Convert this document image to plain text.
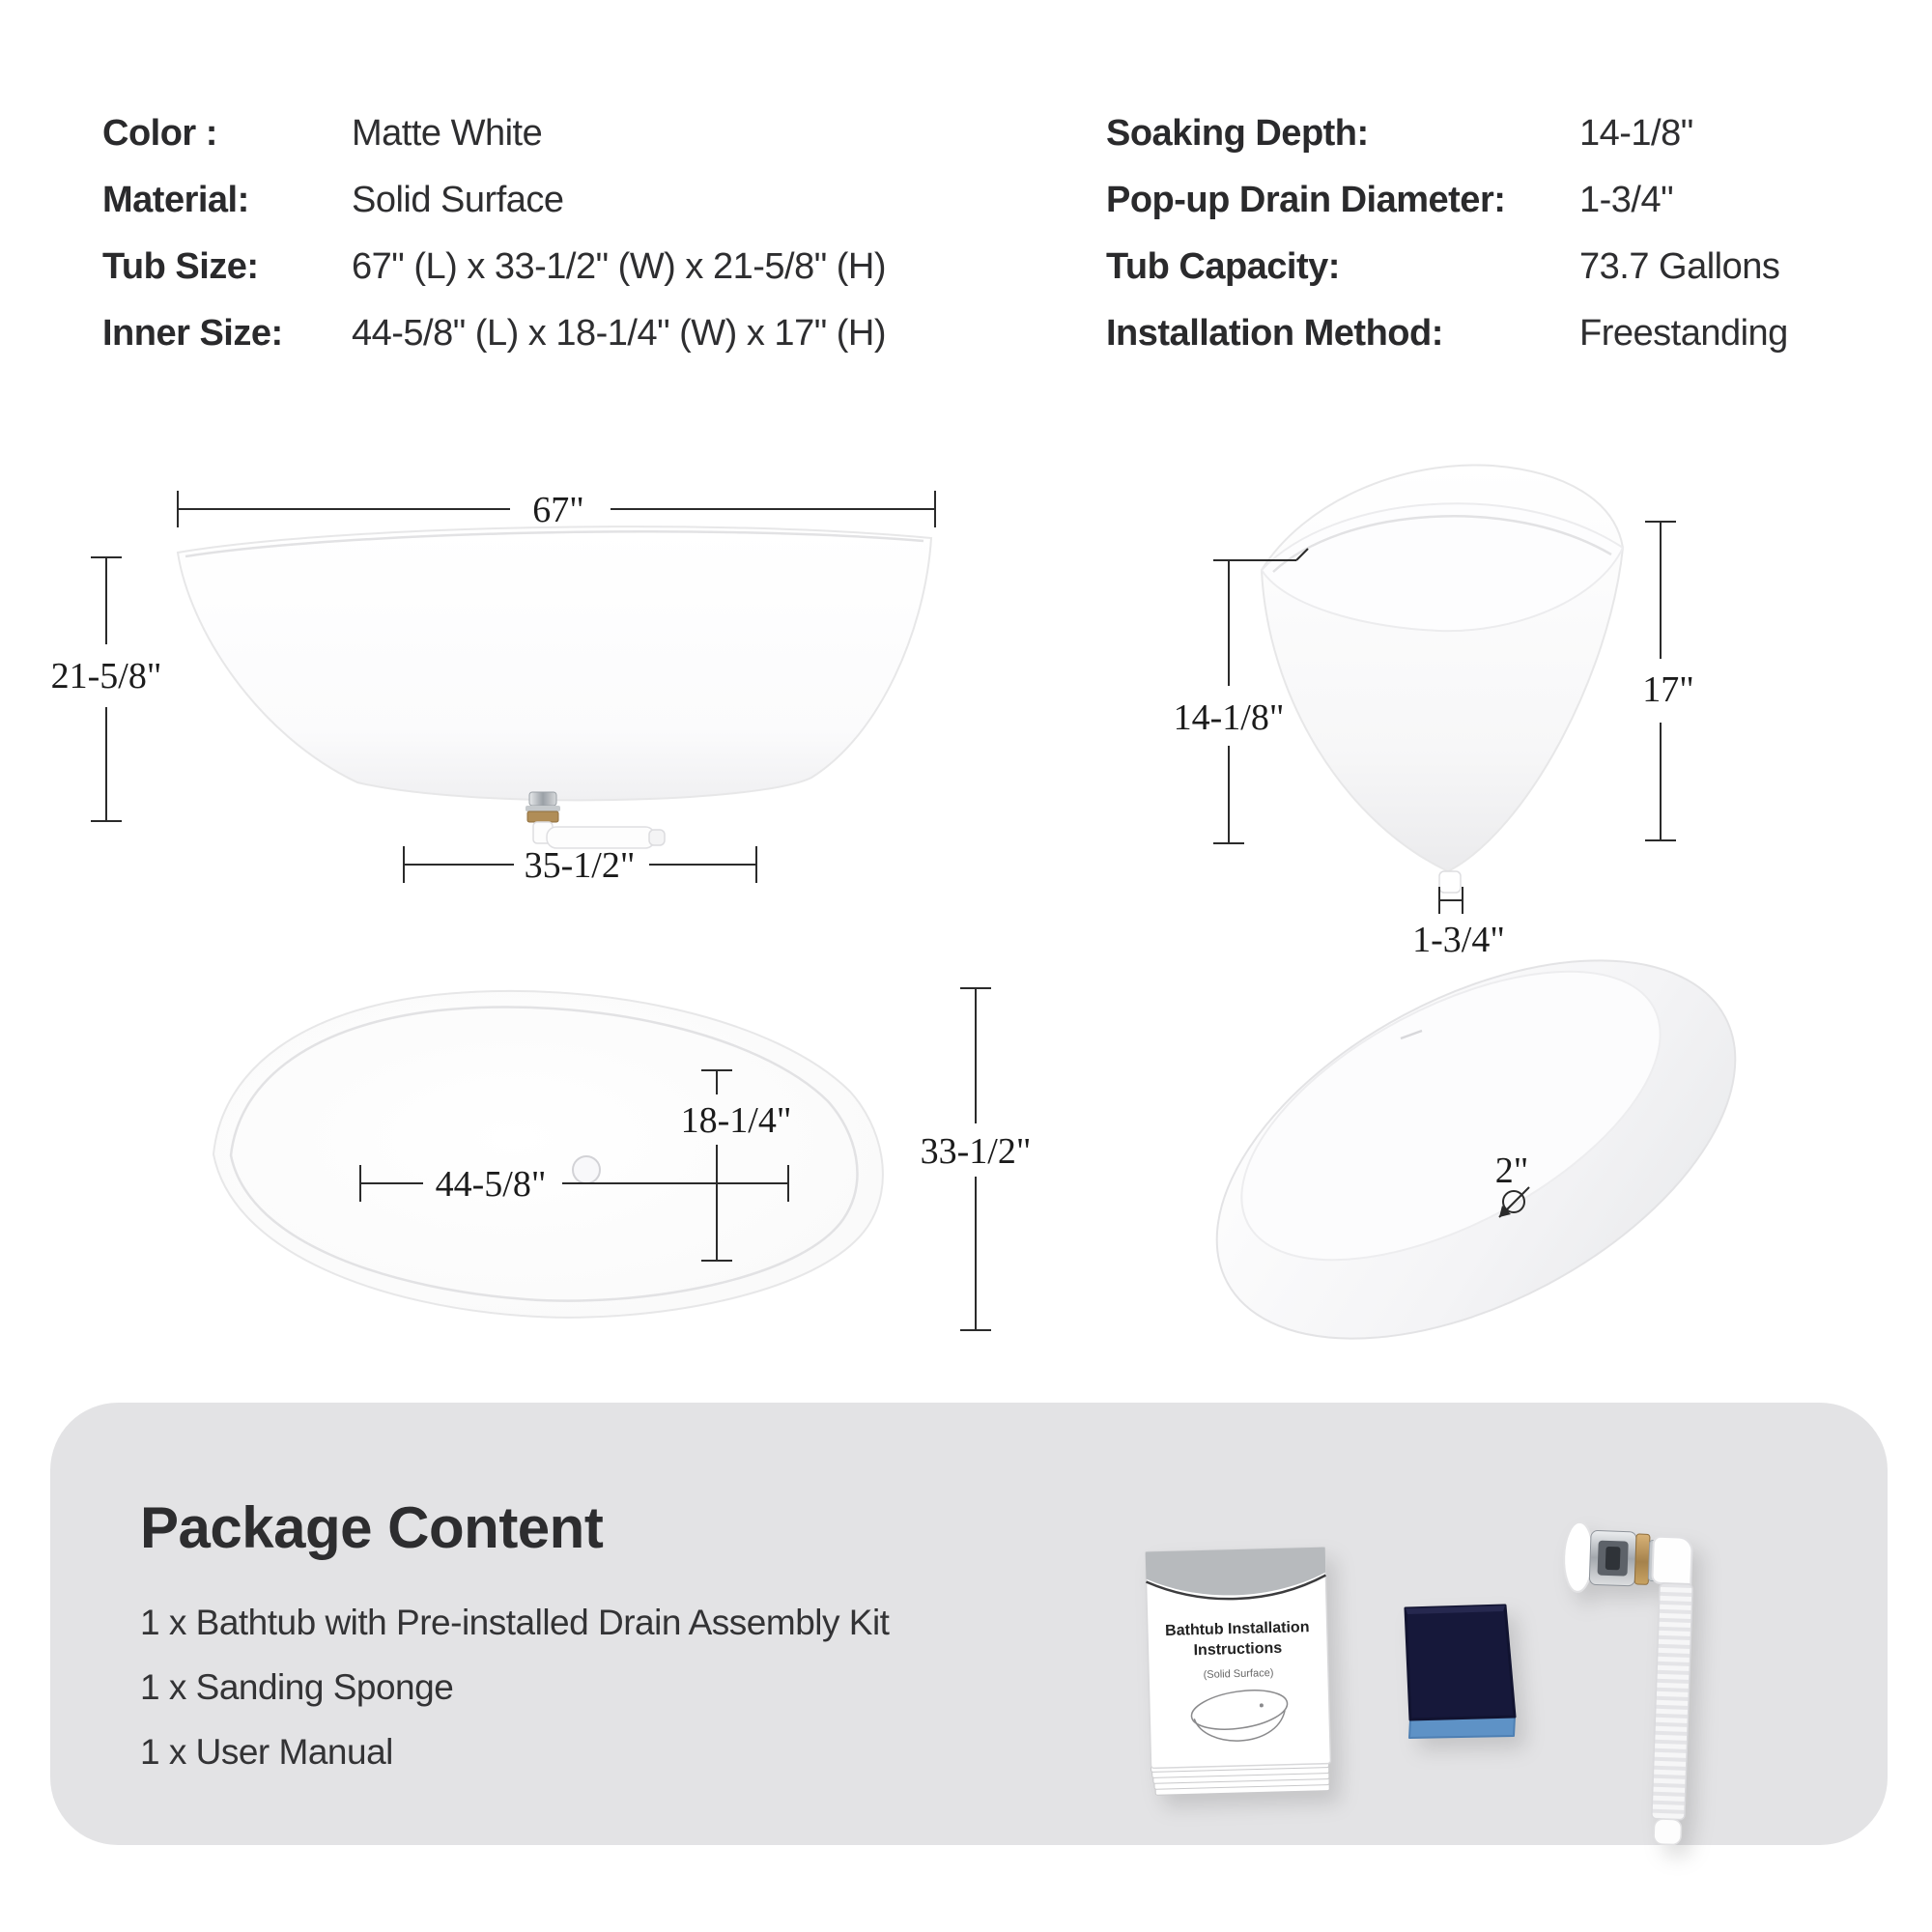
Color :	Matte White
Material:	Solid Surface
Tub Size:	67" (L) x 33-1/2" (W) x 21-5/8" (H)
Inner Size:	44-5/8" (L) x 18-1/4" (W) x 17" (H)
Soaking Depth:	14-1/8"
Pop-up Drain Diameter:	1-3/4"
Tub Capacity:	73.7 Gallons
Installation Method:	Freestanding
67"
21-5/8"
35-1/2"
14-1/8"
17"
1-3/4"
18-1/4"
44-5/8"
33-1/2"	2"
Package Content
1 x Bathtub with Pre-installed Drain Assembly Kit
1 x Sanding Sponge
1 x User Manual
Bathtub Installation
Instructions
(Solid Surface)
